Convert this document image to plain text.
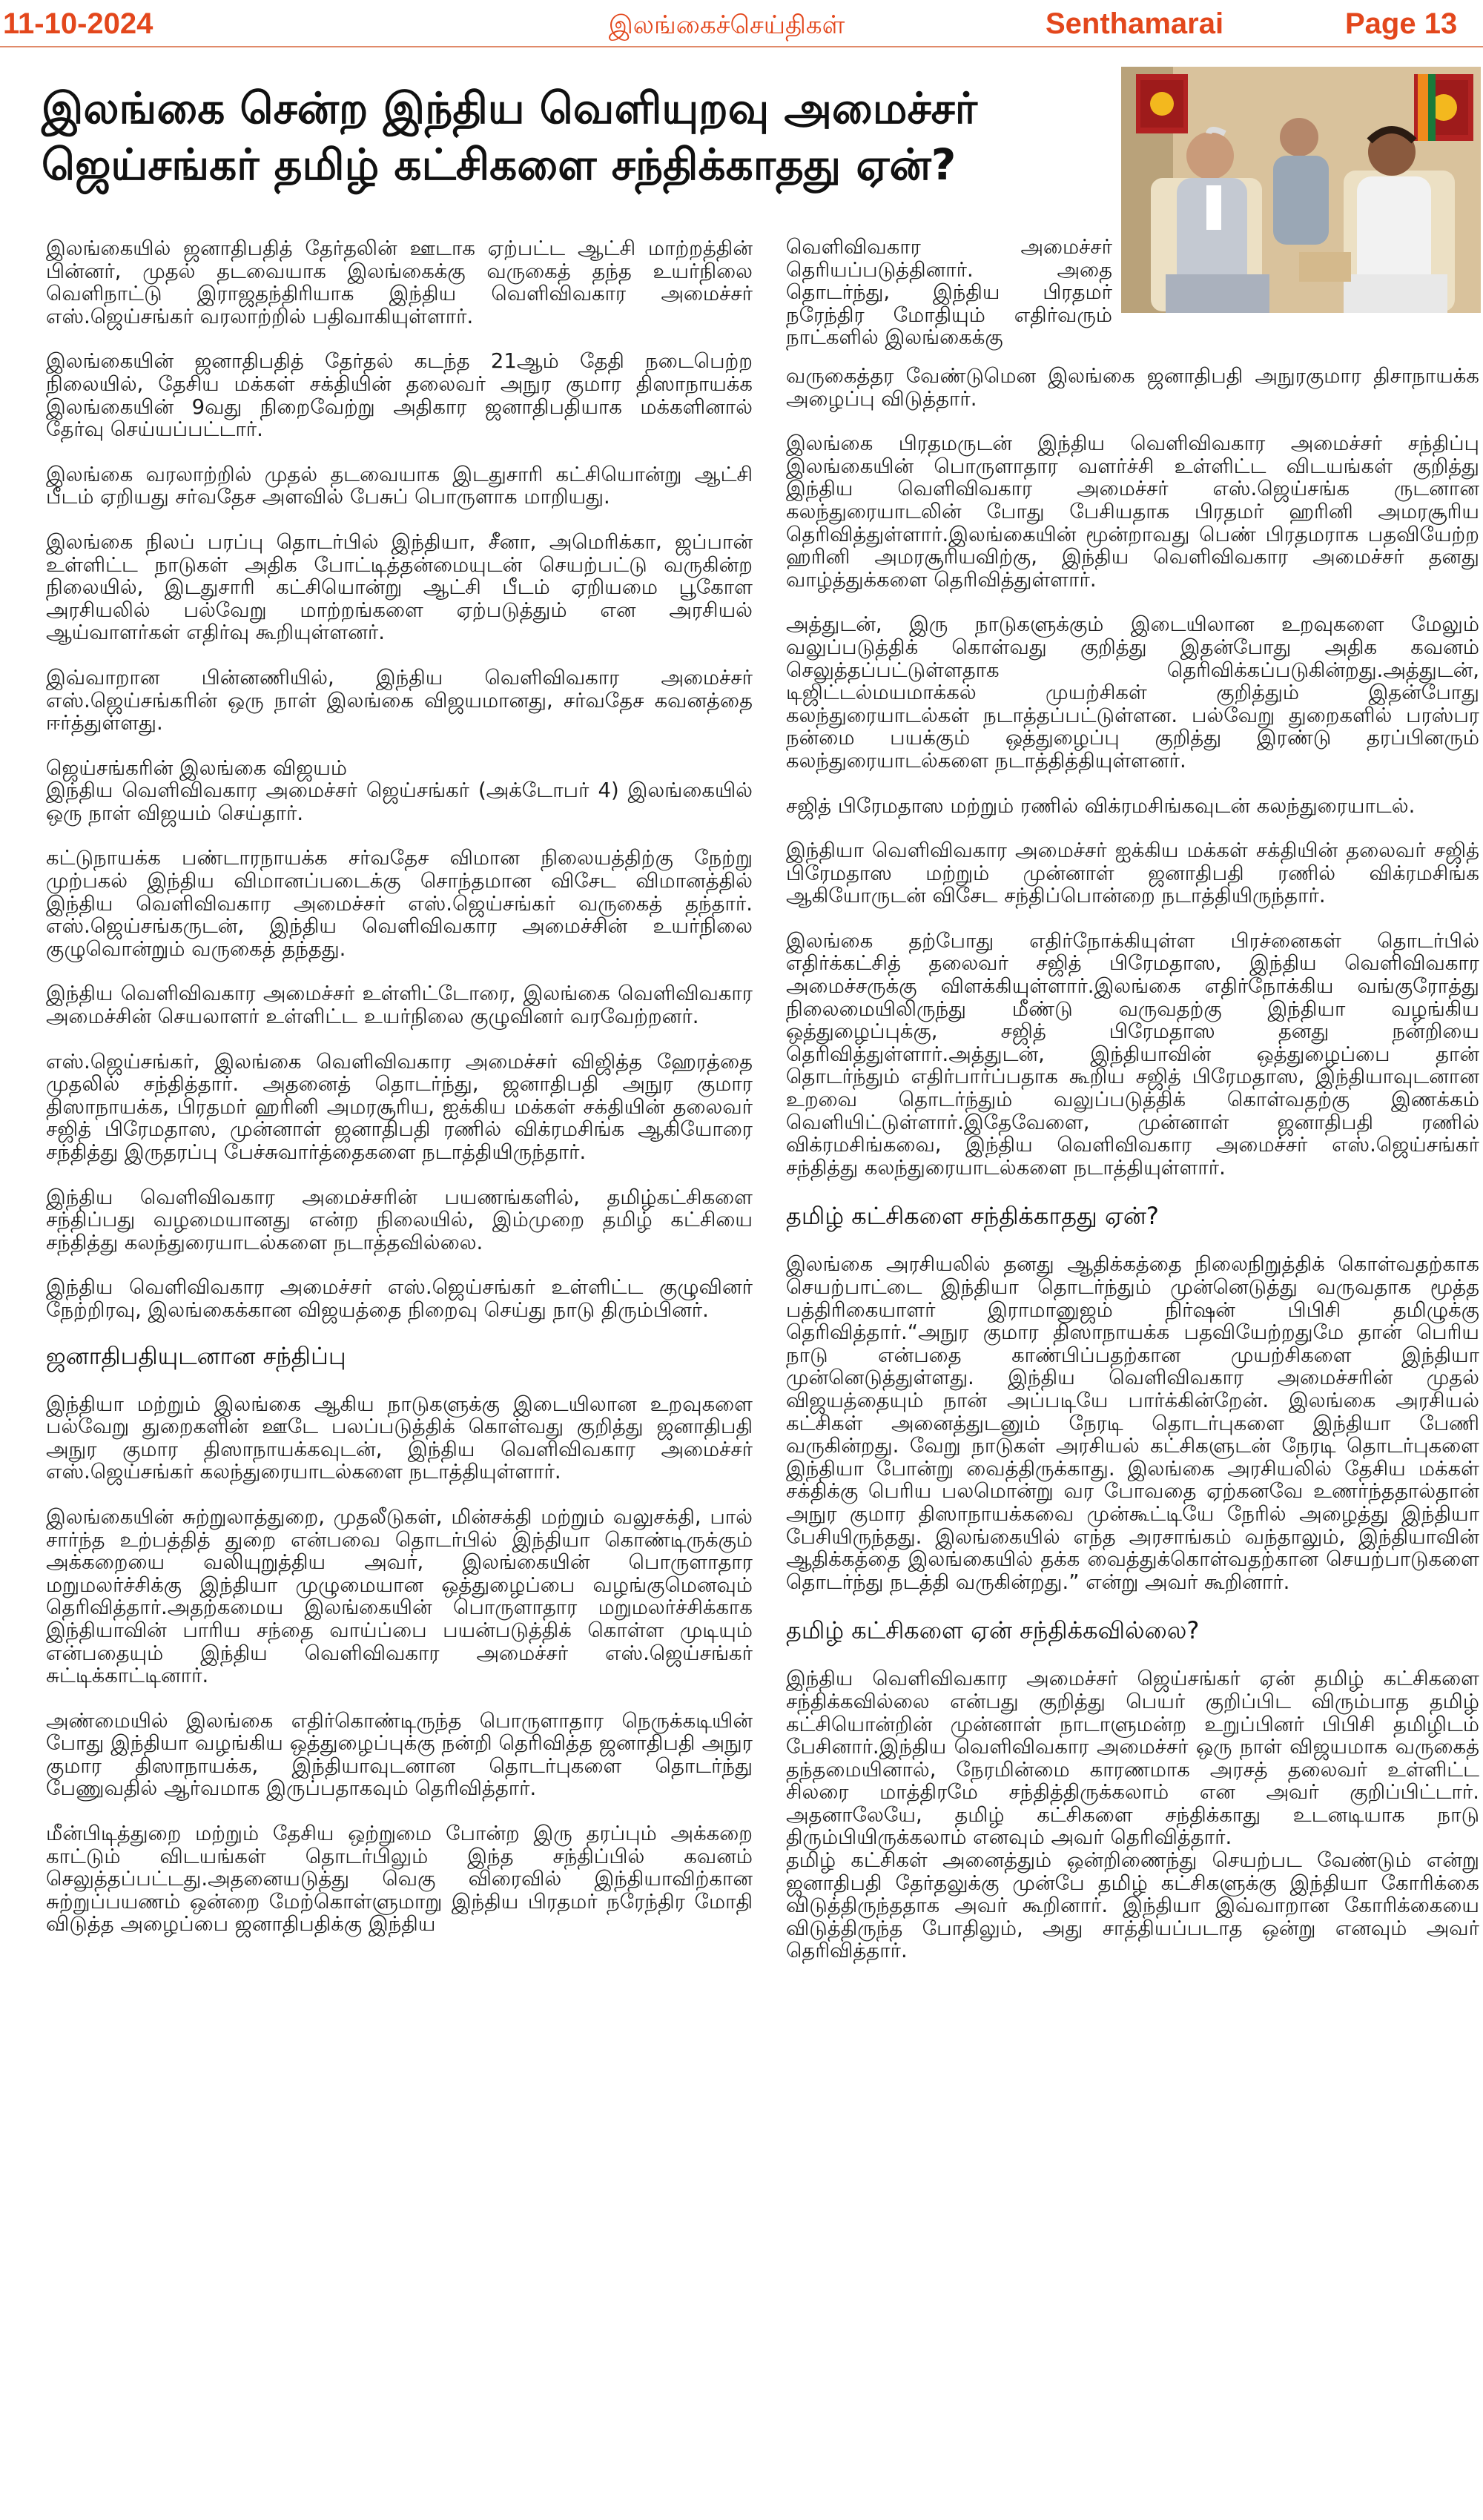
11-10-2024	இலங்கைச்செய்திகள்	Senthamarai	Page 13
இலங்கை சென்ற இந்திய வெளியுறவு அமைச்சர் ஜெய்சங்கர் தமிழ் கட்சிகளை சந்திக்காதது ஏன்?

இலங்கையில் ஜனாதிபதித் தேர்தலின் ஊடாக ஏற்பட்ட ஆட்சி மாற்றத்தின் பின்னர், முதல் தடவையாக இலங்கைக்கு வருகைத் தந்த உயர்நிலை வெளிநாட்டு இராஜதந்திரியாக இந்திய வெளிவிவகார அமைச்சர் எஸ்.ஜெய்சங்கர் வரலாற்றில் பதிவாகியுள்ளார்.

இலங்கையின் ஜனாதிபதித் தேர்தல் கடந்த 21ஆம் தேதி நடைபெற்ற நிலையில், தேசிய மக்கள் சக்தியின் தலைவர் அநுர குமார திஸாநாயக்க இலங்கையின் 9வது நிறைவேற்று அதிகார ஜனாதிபதியாக மக்களினால் தேர்வு செய்யப்பட்டார்.

இலங்கை வரலாற்றில் முதல் தடவையாக இடதுசாரி கட்சியொன்று ஆட்சி பீடம் ஏறியது சர்வதேச அளவில் பேசுப் பொருளாக மாறியது.

இலங்கை நிலப் பரப்பு தொடர்பில் இந்தியா, சீனா, அமெரிக்கா, ஜப்பான் உள்ளிட்ட நாடுகள் அதிக போட்டித்தன்மையுடன் செயற்பட்டு வருகின்ற நிலையில், இடதுசாரி கட்சியொன்று ஆட்சி பீடம் ஏறியமை பூகோள அரசியலில் பல்வேறு மாற்றங்களை ஏற்படுத்தும் என அரசியல் ஆய்வாளர்கள் எதிர்வு கூறியுள்ளனர்.

இவ்வாறான பின்னணியில், இந்திய வெளிவிவகார அமைச்சர் எஸ்.ஜெய்சங்கரின் ஒரு நாள் இலங்கை விஜயமானது, சர்வதேச கவனத்தை ஈர்த்துள்ளது.

ஜெய்சங்கரின் இலங்கை விஜயம்
இந்திய வெளிவிவகார அமைச்சர் ஜெய்சங்கர் (அக்டோபர் 4) இலங்கையில் ஒரு நாள் விஜயம் செய்தார்.

கட்டுநாயக்க பண்டாரநாயக்க சர்வதேச விமான நிலையத்திற்கு நேற்று முற்பகல் இந்திய விமானப்படைக்கு சொந்தமான விசேட விமானத்தில் இந்திய வெளிவிவகார அமைச்சர் எஸ்.ஜெய்சங்கர் வருகைத் தந்தார். எஸ்.ஜெய்சங்கருடன், இந்திய வெளிவிவகார அமைச்சின் உயர்நிலை குழுவொன்றும் வருகைத் தந்தது.

இந்திய வெளிவிவகார அமைச்சர் உள்ளிட்டோரை, இலங்கை வெளிவிவகார அமைச்சின் செயலாளர் உள்ளிட்ட உயர்நிலை குழுவினர் வரவேற்றனர்.

எஸ்.ஜெய்சங்கர், இலங்கை வெளிவிவகார அமைச்சர் விஜித்த ஹேரத்தை முதலில் சந்தித்தார். அதனைத் தொடர்ந்து, ஜனாதிபதி அநுர குமார திஸாநாயக்க, பிரதமர் ஹரினி அமரசூரிய, ஐக்கிய மக்கள் சக்தியின் தலைவர் சஜித் பிரேமதாஸ, முன்னாள் ஜனாதிபதி ரணில் விக்ரமசிங்க ஆகியோரை சந்தித்து இருதரப்பு பேச்சுவார்த்தைகளை நடாத்தியிருந்தார்.

இந்திய வெளிவிவகார அமைச்சரின் பயணங்களில், தமிழ்கட்சிகளை சந்திப்பது வழமையானது என்ற நிலையில், இம்முறை தமிழ் கட்சியை சந்தித்து கலந்துரையாடல்களை நடாத்தவில்லை.

இந்திய வெளிவிவகார அமைச்சர் எஸ்.ஜெய்சங்கர் உள்ளிட்ட குழுவினர் நேற்றிரவு, இலங்கைக்கான விஜயத்தை நிறைவு செய்து நாடு திரும்பினர்.

ஜனாதிபதியுடனான சந்திப்பு

இந்தியா மற்றும் இலங்கை ஆகிய நாடுகளுக்கு இடையிலான உறவுகளை பல்வேறு துறைகளின் ஊடே பலப்படுத்திக் கொள்வது குறித்து ஜனாதிபதி அநுர குமார திஸாநாயக்கவுடன், இந்திய வெளிவிவகார அமைச்சர் எஸ்.ஜெய்சங்கர் கலந்துரையாடல்களை நடாத்தியுள்ளார்.

இலங்கையின் சுற்றுலாத்துறை, முதலீடுகள், மின்சக்தி மற்றும் வலுசக்தி, பால் சார்ந்த உற்பத்தித் துறை என்பவை தொடர்பில் இந்தியா கொண்டிருக்கும் அக்கறையை வலியுறுத்திய அவர், இலங்கையின் பொருளாதார மறுமலர்ச்சிக்கு இந்தியா முழுமையான ஒத்துழைப்பை வழங்குமெனவும் தெரிவித்தார்.அதற்கமைய இலங்கையின் பொருளாதார மறுமலர்ச்சிக்காக இந்தியாவின் பாரிய சந்தை வாய்ப்பை பயன்படுத்திக் கொள்ள முடியும் என்பதையும் இந்திய வெளிவிவகார அமைச்சர் எஸ்.ஜெய்சங்கர் சுட்டிக்காட்டினார்.

அண்மையில் இலங்கை எதிர்கொண்டிருந்த பொருளாதார நெருக்கடியின் போது இந்தியா வழங்கிய ஒத்துழைப்புக்கு நன்றி தெரிவித்த ஜனாதிபதி அநுர குமார திஸாநாயக்க, இந்தியாவுடனான தொடர்புகளை தொடர்ந்து பேணுவதில் ஆர்வமாக இருப்பதாகவும் தெரிவித்தார்.

மீன்பிடித்துறை மற்றும் தேசிய ஒற்றுமை போன்ற இரு தரப்பும் அக்கறை காட்டும் விடயங்கள் தொடர்பிலும் இந்த சந்திப்பில் கவனம் செலுத்தப்பட்டது.அதனையடுத்து வெகு விரைவில் இந்தியாவிற்கான சுற்றுப்பயணம் ஒன்றை மேற்கொள்ளுமாறு இந்திய பிரதமர் நரேந்திர மோதி விடுத்த அழைப்பை ஜனாதிபதிக்கு இந்திய

வெளிவிவகார அமைச்சர் தெரியப்படுத்தினார். அதை தொடர்ந்து, இந்திய பிரதமர் நரேந்திர மோதியும் எதிர்வரும் நாட்களில் இலங்கைக்கு

வருகைத்தர வேண்டுமென இலங்கை ஜனாதிபதி அநுரகுமார திசாநாயக்க அழைப்பு விடுத்தார்.

இலங்கை பிரதமருடன் இந்திய வெளிவிவகார அமைச்சர் சந்திப்பு இலங்கையின் பொருளாதார வளர்ச்சி உள்ளிட்ட விடயங்கள் குறித்து இந்திய வெளிவிவகார அமைச்சர் எஸ்.ஜெய்சங்க ருடனான கலந்துரையாடலின் போது பேசியதாக பிரதமர் ஹரினி அமரசூரிய தெரிவித்துள்ளார்.இலங்கையின் மூன்றாவது பெண் பிரதமராக பதவியேற்ற ஹரினி அமரசூரியவிற்கு, இந்திய வெளிவிவகார அமைச்சர் தனது வாழ்த்துக்களை தெரிவித்துள்ளார்.

அத்துடன், இரு நாடுகளுக்கும் இடையிலான உறவுகளை மேலும் வலுப்படுத்திக் கொள்வது குறித்து இதன்போது அதிக கவனம் செலுத்தப்பட்டுள்ளதாக தெரிவிக்கப்படுகின்றது.அத்துடன், டிஜிட்டல்மயமாக்கல் முயற்சிகள் குறித்தும் இதன்போது கலந்துரையாடல்கள் நடாத்தப்பட்டுள்ளன. பல்வேறு துறைகளில் பரஸ்பர நன்மை பயக்கும் ஒத்துழைப்பு குறித்து இரண்டு தரப்பினரும் கலந்துரையாடல்களை நடாத்தித்தியுள்ளனர்.

சஜித் பிரேமதாஸ மற்றும் ரணில் விக்ரமசிங்கவுடன் கலந்துரையாடல்.

இந்தியா வெளிவிவகார அமைச்சர் ஐக்கிய மக்கள் சக்தியின் தலைவர் சஜித் பிரேமதாஸ மற்றும் முன்னாள் ஜனாதிபதி ரணில் விக்ரமசிங்க ஆகியோருடன் விசேட சந்திப்பொன்றை நடாத்தியிருந்தார்.

இலங்கை தற்போது எதிர்நோக்கியுள்ள பிரச்னைகள் தொடர்பில் எதிர்க்கட்சித் தலைவர் சஜித் பிரேமதாஸ, இந்திய வெளிவிவகார அமைச்சருக்கு விளக்கியுள்ளார்.இலங்கை எதிர்நோக்கிய வங்குரோத்து நிலைமையிலிருந்து மீண்டு வருவதற்கு இந்தியா வழங்கிய ஒத்துழைப்புக்கு, சஜித் பிரேமதாஸ தனது நன்றியை தெரிவித்துள்ளார்.அத்துடன், இந்தியாவின் ஒத்துழைப்பை தான் தொடர்ந்தும் எதிர்பார்ப்பதாக கூறிய சஜித் பிரேமதாஸ, இந்தியாவுடனான உறவை தொடர்ந்தும் வலுப்படுத்திக் கொள்வதற்கு இணக்கம் வெளியிட்டுள்ளார்.இதேவேளை, முன்னாள் ஜனாதிபதி ரணில் விக்ரமசிங்கவை, இந்திய வெளிவிவகார அமைச்சர் எஸ்.ஜெய்சங்கர் சந்தித்து கலந்துரையாடல்களை நடாத்தியுள்ளார்.

தமிழ் கட்சிகளை சந்திக்காதது ஏன்?

இலங்கை அரசியலில் தனது ஆதிக்கத்தை நிலைநிறுத்திக் கொள்வதற்காக செயற்பாட்டை இந்தியா தொடர்ந்தும் முன்னெடுத்து வருவதாக மூத்த பத்திரிகையாளர் இராமானுஜம் நிர்ஷன் பிபிசி தமிழுக்கு தெரிவித்தார்.“அநுர குமார திஸாநாயக்க பதவியேற்றதுமே தான் பெரிய நாடு என்பதை காண்பிப்பதற்கான முயற்சிகளை இந்தியா முன்னெடுத்துள்ளது. இந்திய வெளிவிவகார அமைச்சரின் முதல் விஜயத்தையும் நான் அப்படியே பார்க்கின்றேன். இலங்கை அரசியல் கட்சிகள் அனைத்துடனும் நேரடி தொடர்புகளை இந்தியா பேணி வருகின்றது. வேறு நாடுகள் அரசியல் கட்சிகளுடன் நேரடி தொடர்புகளை இந்தியா போன்று வைத்திருக்காது. இலங்கை அரசியலில் தேசிய மக்கள் சக்திக்கு பெரிய பலமொன்று வர போவதை ஏற்கனவே உணர்ந்ததால்தான் அநுர குமார திஸாநாயக்கவை முன்கூட்டியே நேரில் அழைத்து இந்தியா பேசியிருந்தது. இலங்கையில் எந்த அரசாங்கம் வந்தாலும், இந்தியாவின் ஆதிக்கத்தை இலங்கையில் தக்க வைத்துக்கொள்வதற்கான செயற்பாடுகளை தொடர்ந்து நடத்தி வருகின்றது.” என்று அவர் கூறினார்.

தமிழ் கட்சிகளை ஏன் சந்திக்கவில்லை?

இந்திய வெளிவிவகார அமைச்சர் ஜெய்சங்கர் ஏன் தமிழ் கட்சிகளை சந்திக்கவில்லை என்பது குறித்து பெயர் குறிப்பிட விரும்பாத தமிழ் கட்சியொன்றின் முன்னாள் நாடாளுமன்ற உறுப்பினர் பிபிசி தமிழிடம் பேசினார்.இந்திய வெளிவிவகார அமைச்சர் ஒரு நாள் விஜயமாக வருகைத் தந்தமையினால், நேரமின்மை காரணமாக அரசத் தலைவர் உள்ளிட்ட சிலரை மாத்திரமே சந்தித்திருக்கலாம் என அவர் குறிப்பிட்டார். அதனாலேயே, தமிழ் கட்சிகளை சந்திக்காது உடனடியாக நாடு திரும்பியிருக்கலாம் எனவும் அவர் தெரிவித்தார்.

தமிழ் கட்சிகள் அனைத்தும் ஒன்றிணைந்து செயற்பட வேண்டும் என்று ஜனாதிபதி தேர்தலுக்கு முன்பே தமிழ் கட்சிகளுக்கு இந்தியா கோரிக்கை விடுத்திருந்ததாக அவர் கூறினார். இந்தியா இவ்வாறான கோரிக்கையை விடுத்திருந்த போதிலும், அது சாத்தியப்படாத ஒன்று எனவும் அவர் தெரிவித்தார்.
